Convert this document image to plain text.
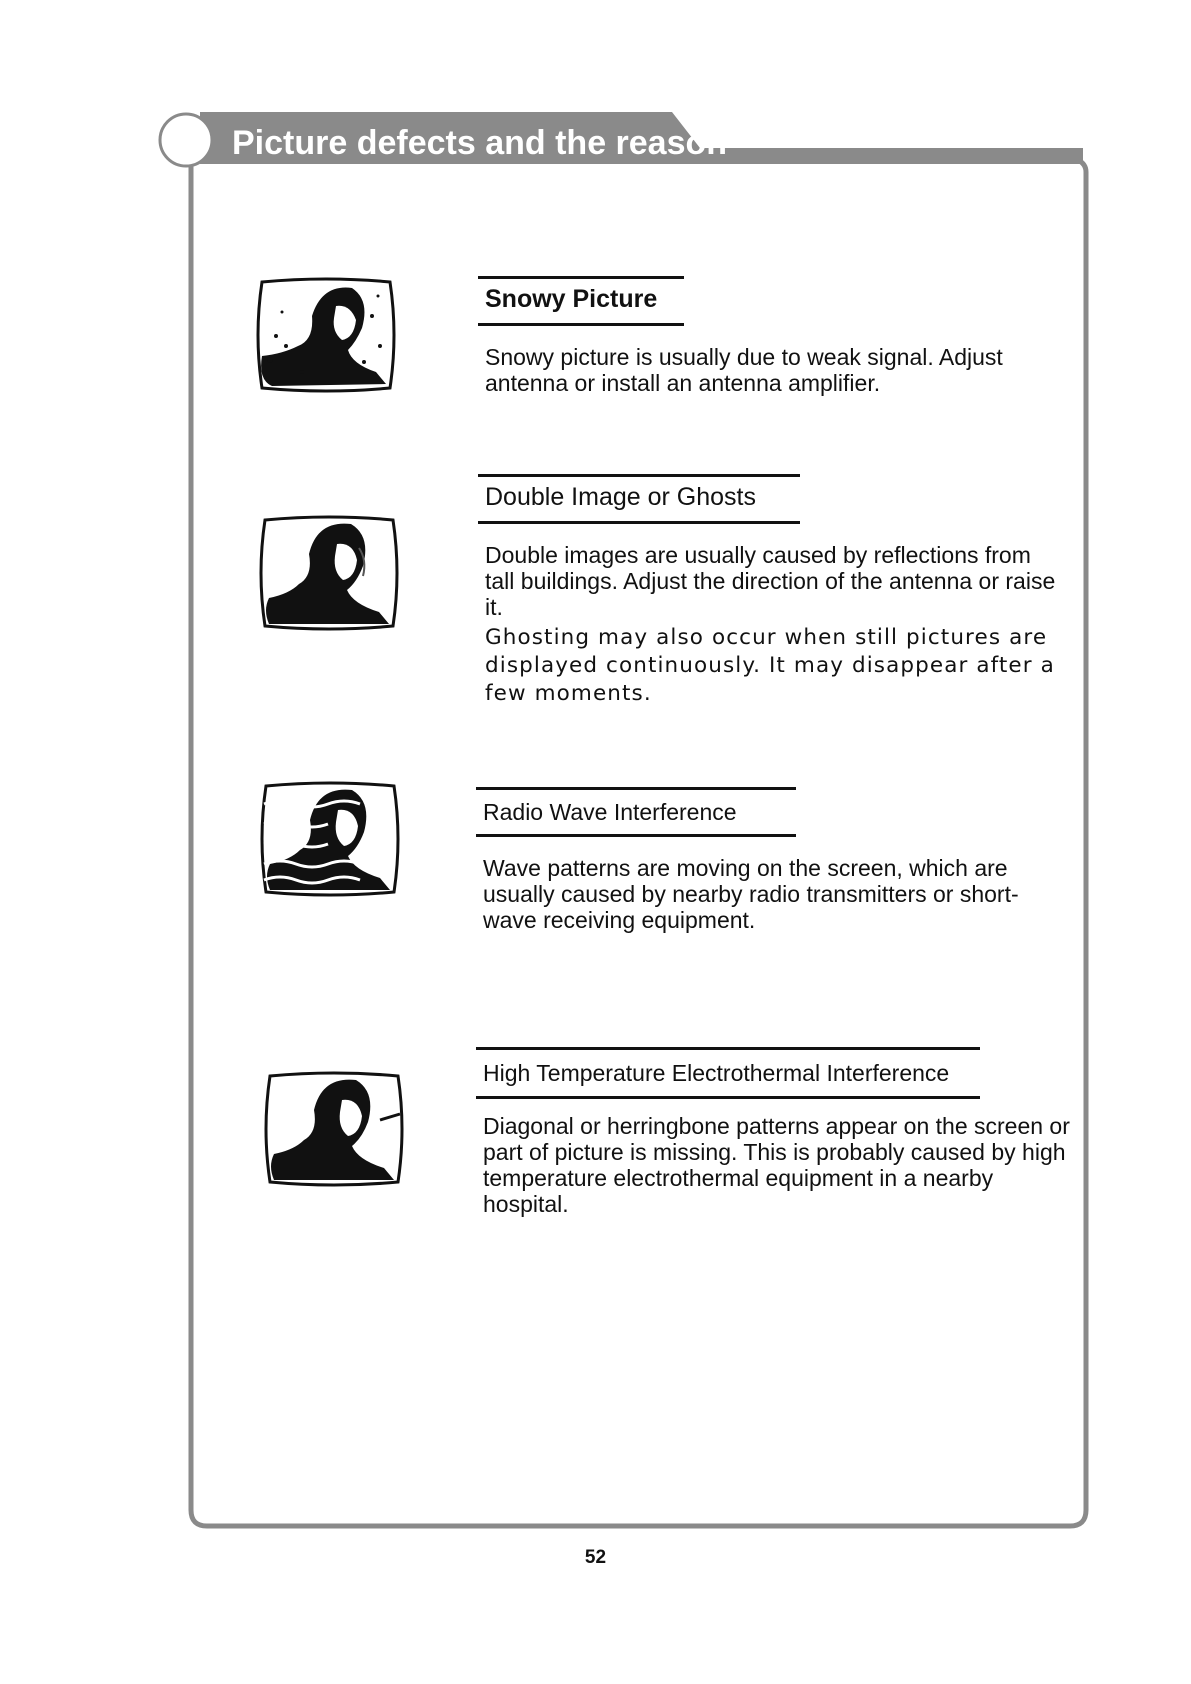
Picture defects and the reason
Snowy Picture

Snowy picture is usually due to weak signal. Adjust antenna or install an antenna amplifier.

Double Image or Ghosts

Double images are usually caused by reflections from tall buildings. Adjust the direction of the antenna or raise it.

Ghosting may also occur when still pictures are displayed continuously. It may disappear after a few moments.

Radio Wave Interference

Wave patterns are moving on the screen, which are usually caused by nearby radio transmitters or short-wave receiving equipment.

High Temperature Electrothermal Interference

Diagonal or herringbone patterns appear on the screen or part of picture is missing. This is probably caused by high temperature electrothermal equipment in a nearby hospital.

52
